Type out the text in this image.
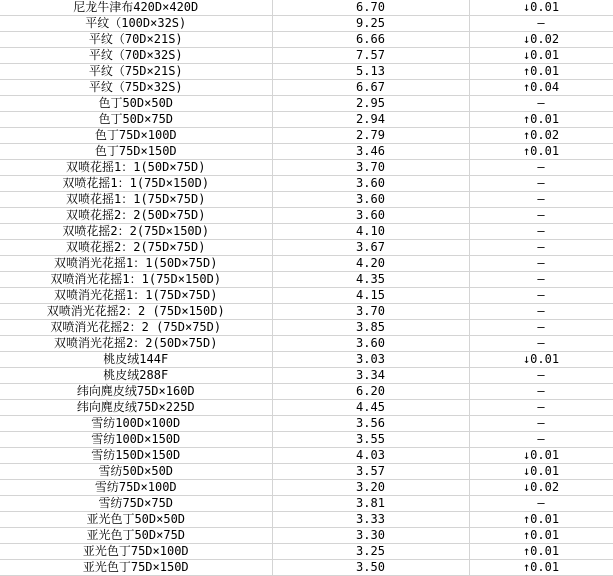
尼龙牛津布420D×420D	6.70	↓0.01
平纹（100D×32S)	9.25	—
平纹（70D×21S)	6.66	↓0.02
平纹（70D×32S)	7.57	↓0.01
平纹（75D×21S)	5.13	↑0.01
平纹（75D×32S)	6.67	↑0.04
色丁50D×50D	2.95	—
色丁50D×75D	2.94	↑0.01
色丁75D×100D	2.79	↑0.02
色丁75D×150D	3.46	↑0.01
双喷花摇1：1(50D×75D)	3.70	—
双喷花摇1：1(75D×150D)	3.60	—
双喷花摇1：1(75D×75D)	3.60	—
双喷花摇2：2(50D×75D)	3.60	—
双喷花摇2：2(75D×150D)	4.10	—
双喷花摇2：2(75D×75D)	3.67	—
双喷消光花摇1：1(50D×75D)	4.20	—
双喷消光花摇1：1(75D×150D)	4.35	—
双喷消光花摇1：1(75D×75D)	4.15	—
双喷消光花摇2：2 (75D×150D)	3.70	—
双喷消光花摇2：2 (75D×75D)	3.85	—
双喷消光花摇2：2(50D×75D)	3.60	—
桃皮绒144F	3.03	↓0.01
桃皮绒288F	3.34	—
纬向麂皮绒75D×160D	6.20	—
纬向麂皮绒75D×225D	4.45	—
雪纺100D×100D	3.56	—
雪纺100D×150D	3.55	—
雪纺150D×150D	4.03	↓0.01
雪纺50D×50D	3.57	↓0.01
雪纺75D×100D	3.20	↓0.02
雪纺75D×75D	3.81	—
亚光色丁50D×50D	3.33	↑0.01
亚光色丁50D×75D	3.30	↑0.01
亚光色丁75D×100D	3.25	↑0.01
亚光色丁75D×150D	3.50	↑0.01
